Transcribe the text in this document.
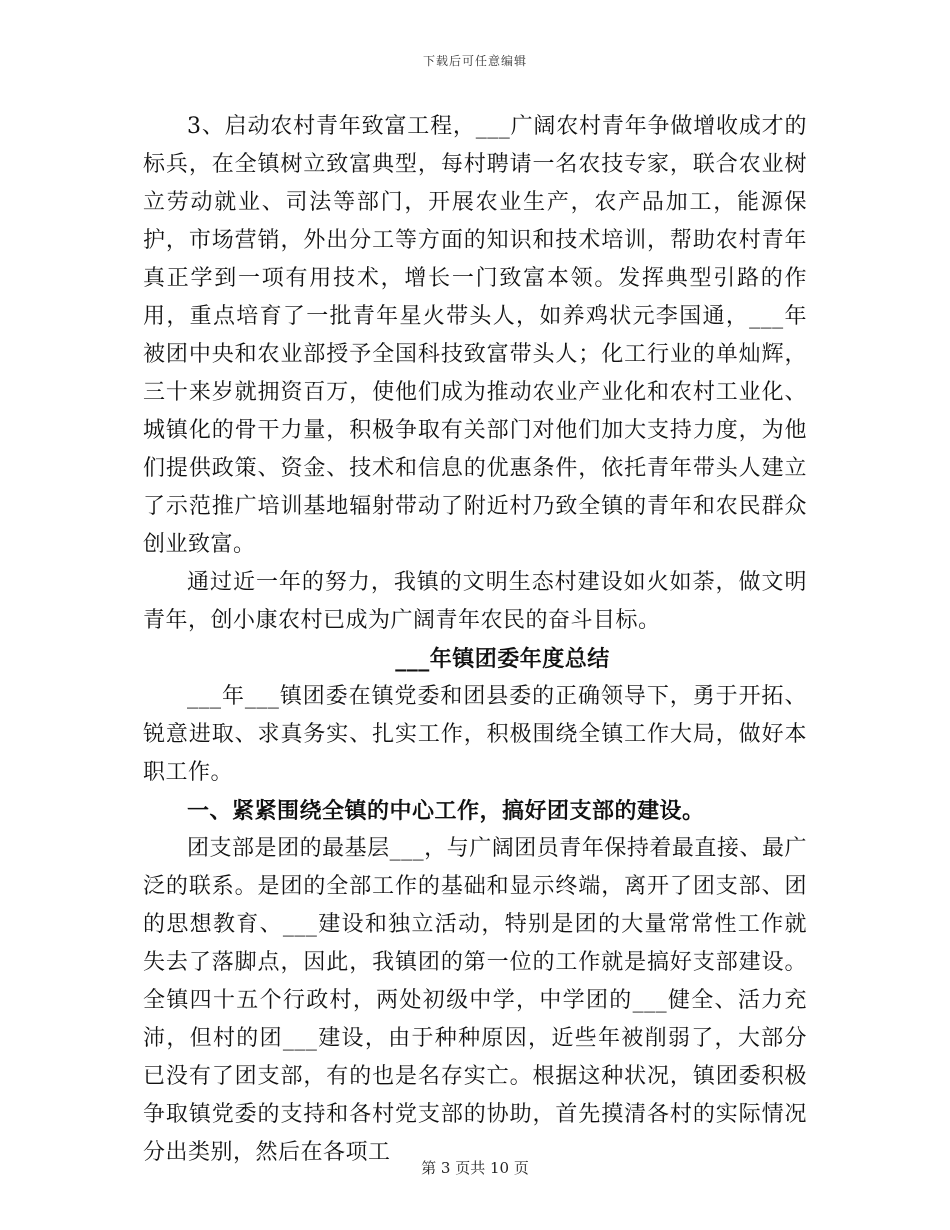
下载后可任意编辑

3、启动农村青年致富工程，___广阔农村青年争做增收成才的标兵，在全镇树立致富典型，每村聘请一名农技专家，联合农业树立劳动就业、司法等部门，开展农业生产，农产品加工，能源保护，市场营销，外出分工等方面的知识和技术培训，帮助农村青年真正学到一项有用技术，增长一门致富本领。发挥典型引路的作用，重点培育了一批青年星火带头人，如养鸡状元李国通，___年被团中央和农业部授予全国科技致富带头人；化工行业的单灿辉，三十来岁就拥资百万，使他们成为推动农业产业化和农村工业化、城镇化的骨干力量，积极争取有关部门对他们加大支持力度，为他们提供政策、资金、技术和信息的优惠条件，依托青年带头人建立了示范推广培训基地辐射带动了附近村乃致全镇的青年和农民群众创业致富。

通过近一年的努力，我镇的文明生态村建设如火如荼，做文明青年，创小康农村已成为广阔青年农民的奋斗目标。

___年镇团委年度总结

___年___镇团委在镇党委和团县委的正确领导下，勇于开拓、锐意进取、求真务实、扎实工作，积极围绕全镇工作大局，做好本职工作。

一、紧紧围绕全镇的中心工作，搞好团支部的建设。

团支部是团的最基层___，与广阔团员青年保持着最直接、最广泛的联系。是团的全部工作的基础和显示终端，离开了团支部、团的思想教育、___建设和独立活动，特别是团的大量常常性工作就失去了落脚点，因此，我镇团的第一位的工作就是搞好支部建设。全镇四十五个行政村，两处初级中学，中学团的___健全、活力充沛，但村的团___建设，由于种种原因，近些年被削弱了，大部分已没有了团支部，有的也是名存实亡。根据这种状况，镇团委积极争取镇党委的支持和各村党支部的协助，首先摸清各村的实际情况分出类别，然后在各项工

第 3 页共 10 页
